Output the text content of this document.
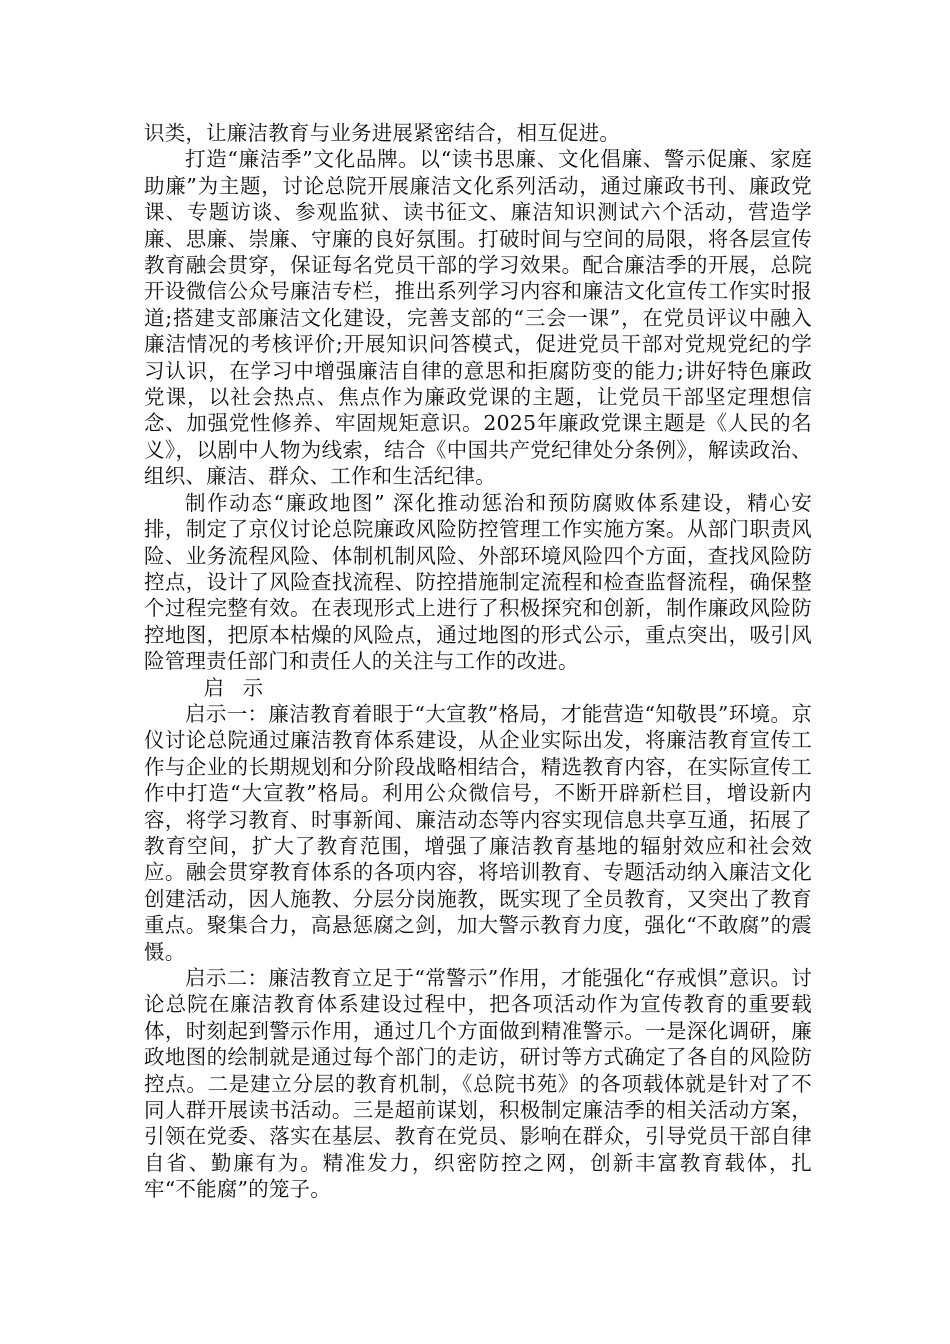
识类，让廉洁教育与业务进展紧密结合，相互促进。

打造“廉洁季”文化品牌。以“读书思廉、文化倡廉、警示促廉、家庭助廉”为主题，讨论总院开展廉洁文化系列活动，通过廉政书刊、廉政党课、专题访谈、参观监狱、读书征文、廉洁知识测试六个活动，营造学廉、思廉、崇廉、守廉的良好氛围。打破时间与空间的局限，将各层宣传教育融会贯穿，保证每名党员干部的学习效果。配合廉洁季的开展，总院开设微信公众号廉洁专栏，推出系列学习内容和廉洁文化宣传工作实时报道;搭建支部廉洁文化建设，完善支部的“三会一课”，在党员评议中融入廉洁情况的考核评价;开展知识问答模式，促进党员干部对党规党纪的学习认识，在学习中增强廉洁自律的意思和拒腐防变的能力;讲好特色廉政党课，以社会热点、焦点作为廉政党课的主题，让党员干部坚定理想信念、加强党性修养、牢固规矩意识。2025年廉政党课主题是《人民的名义》，以剧中人物为线索，结合《中国共产党纪律处分条例》，解读政治、组织、廉洁、群众、工作和生活纪律。

制作动态“廉政地图” 深化推动惩治和预防腐败体系建设，精心安排，制定了京仪讨论总院廉政风险防控管理工作实施方案。从部门职责风险、业务流程风险、体制机制风险、外部环境风险四个方面，查找风险防控点，设计了风险查找流程、防控措施制定流程和检查监督流程，确保整个过程完整有效。在表现形式上进行了积极探究和创新，制作廉政风险防控地图，把原本枯燥的风险点，通过地图的形式公示，重点突出，吸引风险管理责任部门和责任人的关注与工作的改进。

启 示

启示一：廉洁教育着眼于“大宣教”格局，才能营造“知敬畏”环境。京仪讨论总院通过廉洁教育体系建设，从企业实际出发，将廉洁教育宣传工作与企业的长期规划和分阶段战略相结合，精选教育内容，在实际宣传工作中打造“大宣教”格局。利用公众微信号，不断开辟新栏目，增设新内容，将学习教育、时事新闻、廉洁动态等内容实现信息共享互通，拓展了教育空间，扩大了教育范围，增强了廉洁教育基地的辐射效应和社会效应。融会贯穿教育体系的各项内容，将培训教育、专题活动纳入廉洁文化创建活动，因人施教、分层分岗施教，既实现了全员教育，又突出了教育重点。聚集合力，高悬惩腐之剑，加大警示教育力度，强化“不敢腐”的震慑。

启示二：廉洁教育立足于“常警示”作用，才能强化“存戒惧”意识。讨论总院在廉洁教育体系建设过程中，把各项活动作为宣传教育的重要载体，时刻起到警示作用，通过几个方面做到精准警示。一是深化调研，廉政地图的绘制就是通过每个部门的走访，研讨等方式确定了各自的风险防控点。二是建立分层的教育机制，《总院书苑》的各项载体就是针对了不同人群开展读书活动。三是超前谋划，积极制定廉洁季的相关活动方案，引领在党委、落实在基层、教育在党员、影响在群众，引导党员干部自律自省、勤廉有为。精准发力，织密防控之网，创新丰富教育载体，扎牢“不能腐”的笼子。
